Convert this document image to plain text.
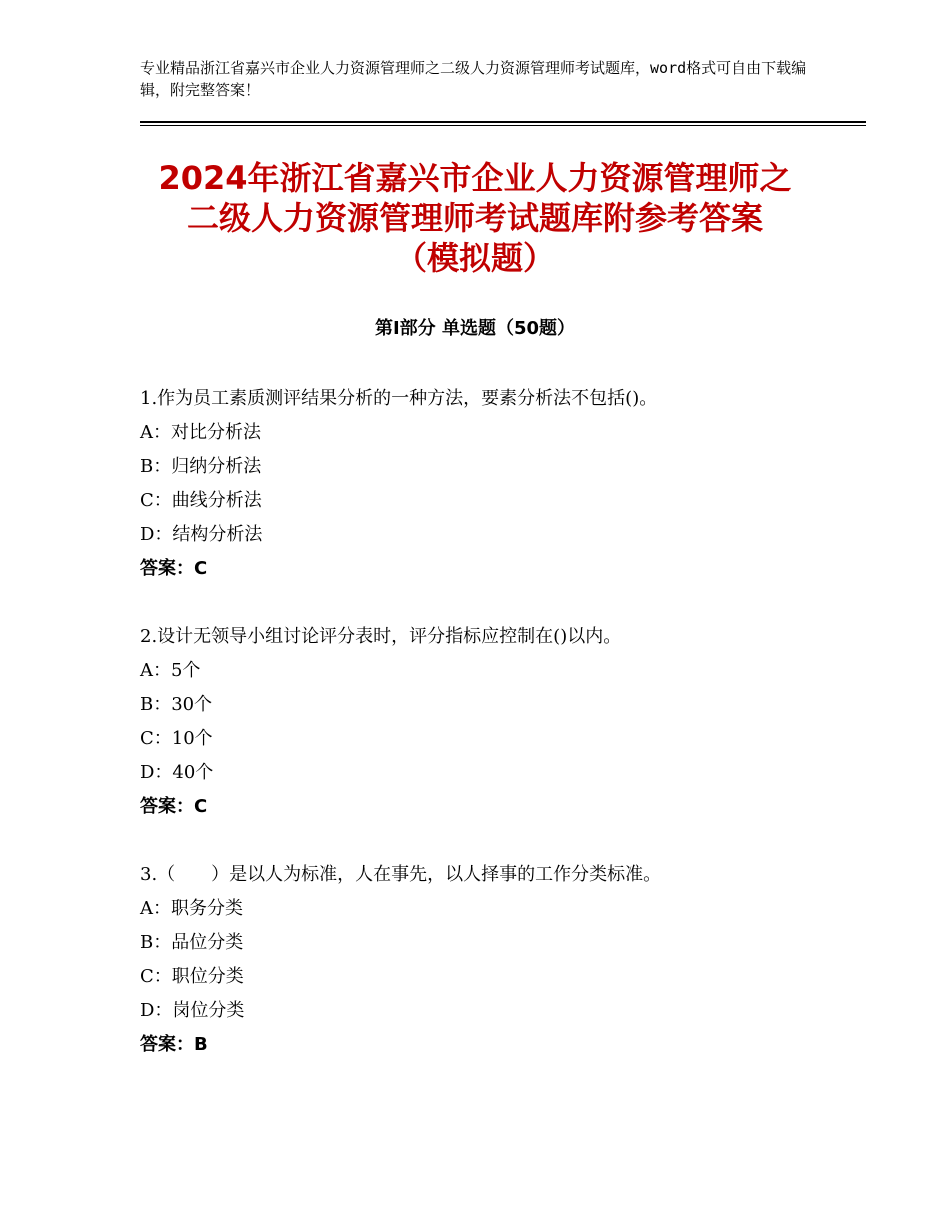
专业精品浙江省嘉兴市企业人力资源管理师之二级人力资源管理师考试题库，word格式可自由下载编辑，附完整答案！
2024年浙江省嘉兴市企业人力资源管理师之
二级人力资源管理师考试题库附参考答案
（模拟题）
第Ⅰ部分 单选题（50题）
1.作为员工素质测评结果分析的一种方法，要素分析法不包括()。
A：对比分析法
B：归纳分析法
C：曲线分析法
D：结构分析法
答案：C
2.设计无领导小组讨论评分表时，评分指标应控制在()以内。
A：5个
B：30个
C：10个
D：40个
答案：C
3.（　　）是以人为标准，人在事先，以人择事的工作分类标准。
A：职务分类
B：品位分类
C：职位分类
D：岗位分类
答案：B
